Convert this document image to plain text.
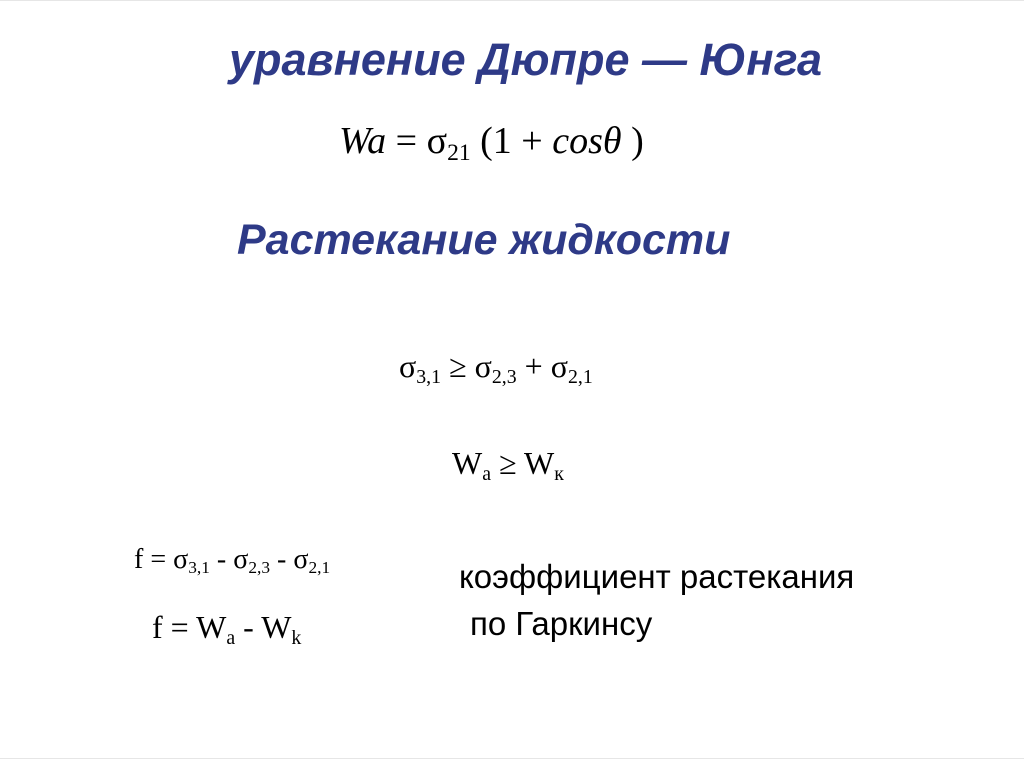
уравнение Дюпре — Юнга
$Wa = \sigma_{21}$ (1 + cosθ )
Растекание жидкости
$\sigma_{3,1} \ge \sigma_{2,3} + \sigma_{2,1}$
$W_a \ge W_к$
$f = \sigma_{3,1} - \sigma_{2,3} - \sigma_{2,1}$
$f = W_a - W_k$
коэффициент растекания
по Гаркинсу
